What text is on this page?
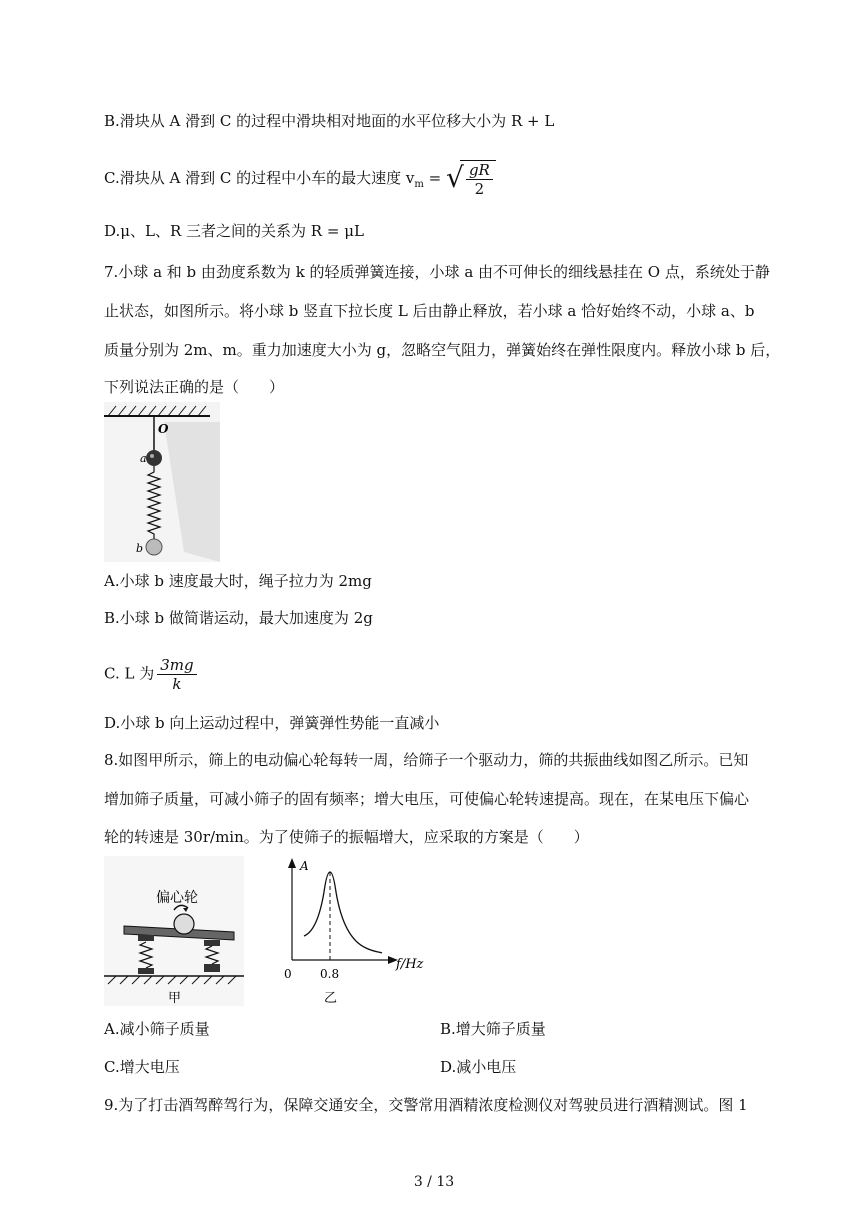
B.滑块从 A 滑到 C 的过程中滑块相对地面的水平位移大小为 R + L
C.滑块从 A 滑到 C 的过程中小车的最大速度 $v_m$ = √ $\frac{gR}{2}$
D.μ、L、R 三者之间的关系为 R = μL
7.小球 a 和 b 由劲度系数为 k 的轻质弹簧连接，小球 a 由不可伸长的细线悬挂在 O 点，系统处于静
止状态，如图所示。将小球 b 竖直下拉长度 L 后由静止释放，若小球 a 恰好始终不动，小球 a、b
质量分别为 2m、m。重力加速度大小为 g，忽略空气阻力，弹簧始终在弹性限度内。释放小球 b 后，
下列说法正确的是（　　）
O
a
b
A.小球 b 速度最大时，绳子拉力为 2mg
B.小球 b 做简谐运动，最大加速度为 2g
C. L 为 $\frac{3mg}{k}$
D.小球 b 向上运动过程中，弹簧弹性势能一直减小
8.如图甲所示，筛上的电动偏心轮每转一周，给筛子一个驱动力，筛的共振曲线如图乙所示。已知
增加筛子质量，可减小筛子的固有频率；增大电压，可使偏心轮转速提高。现在，在某电压下偏心
轮的转速是 30r/min。为了使筛子的振幅增大，应采取的方案是（　　）
偏心轮
甲
A
f/Hz
0 0.8
乙
A.减小筛子质量	B.增大筛子质量
C.增大电压	D.减小电压
9.为了打击酒驾醉驾行为，保障交通安全，交警常用酒精浓度检测仪对驾驶员进行酒精测试。图 1
3 / 13
